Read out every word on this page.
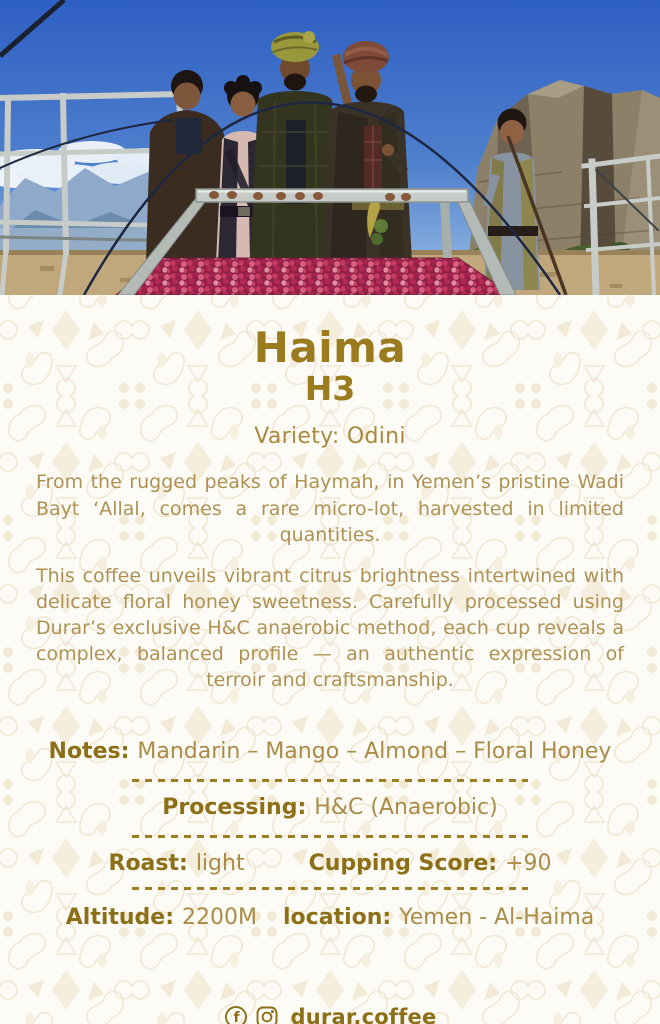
Haima
H3
Variety: Odini

From the rugged peaks of Haymah, in Yemen’s pristine Wadi Bayt ‘Allal, comes a rare micro-lot, harvested in limited quantities.

This coffee unveils vibrant citrus brightness intertwined with delicate floral honey sweetness. Carefully processed using Durar’s exclusive H&C anaerobic method, each cup reveals a complex, balanced profile — an authentic expression of terroir and craftsmanship.

Notes: Mandarin – Mango – Almond – Floral Honey
Processing: H&C (Anaerobic)
Roast: light	Cupping Score: +90
Altitude: 2200M location: Yemen - Al-Haima
f durar.coffee
